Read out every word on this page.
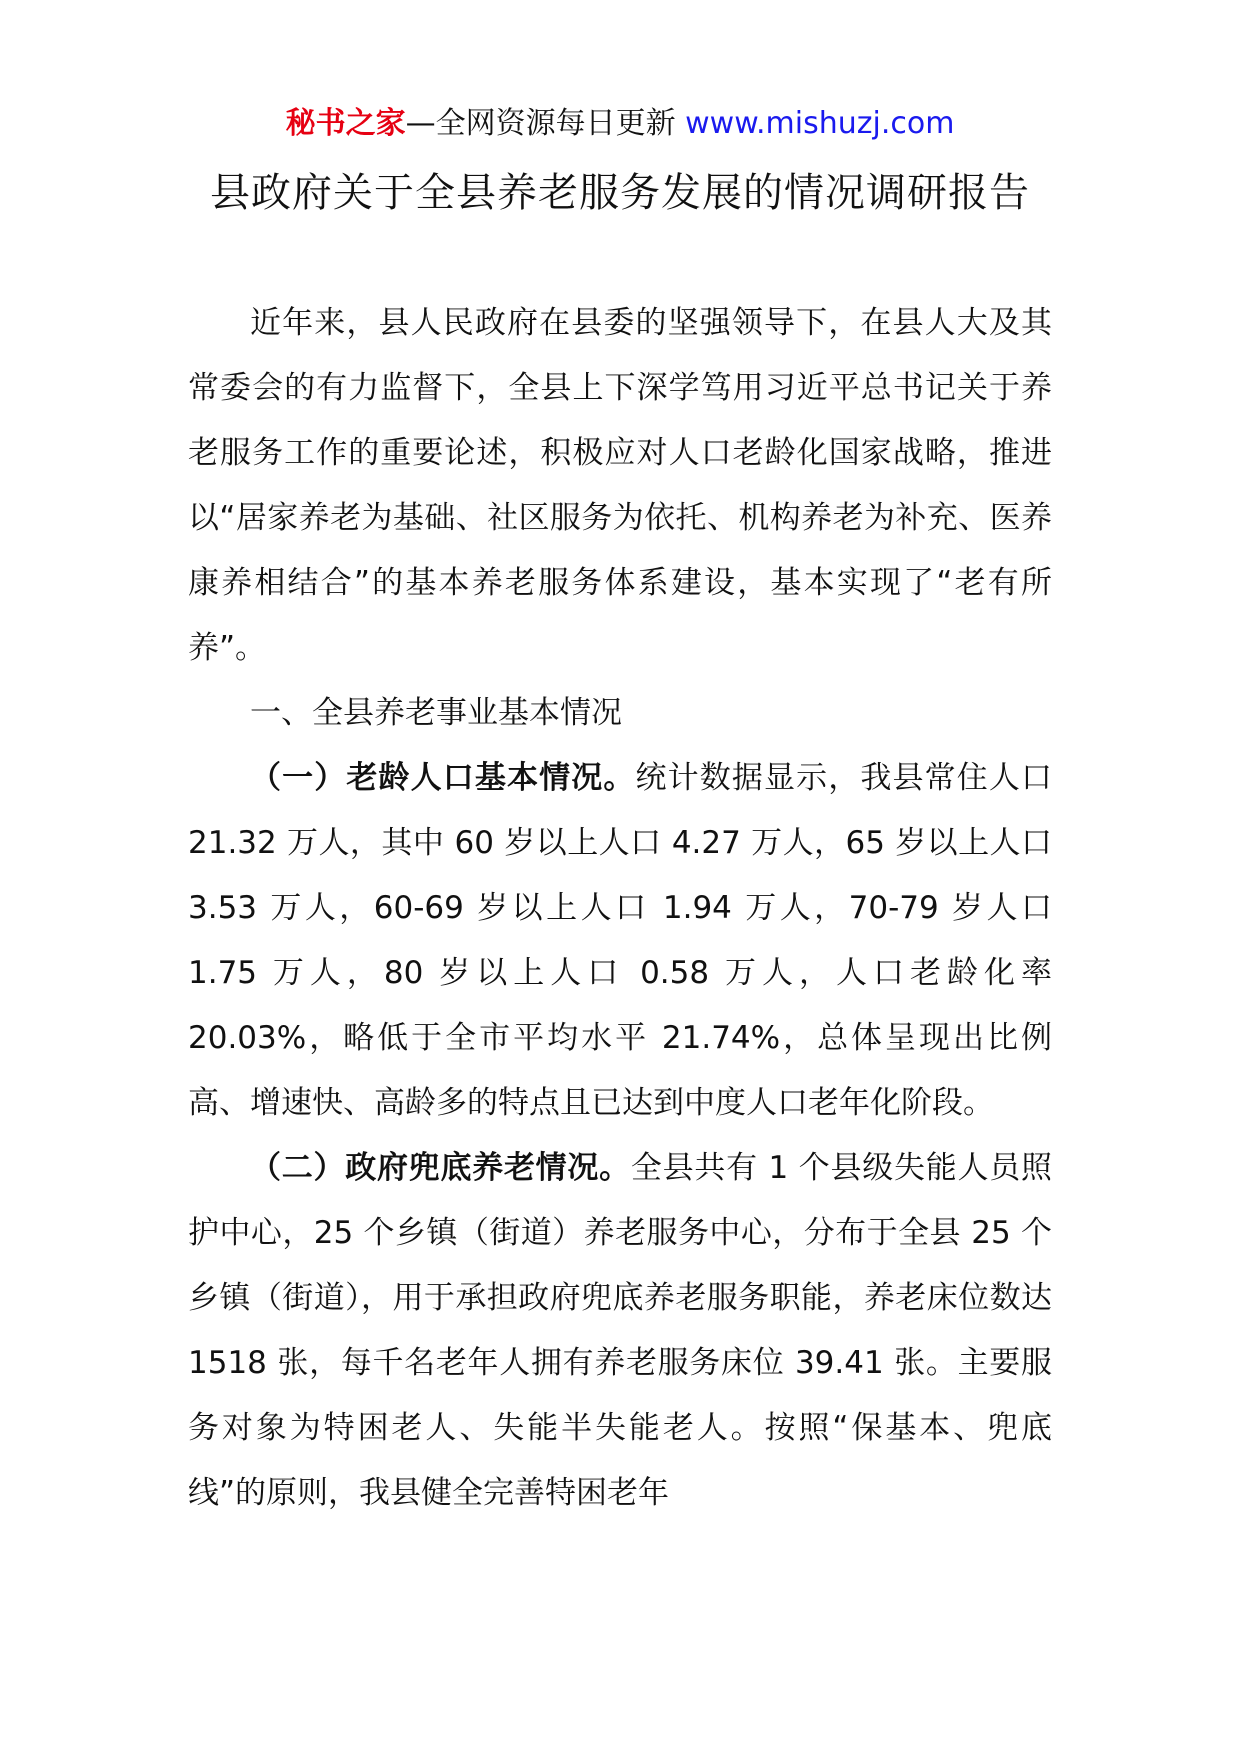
秘书之家—全网资源每日更新 www.mishuzj.com
县政府关于全县养老服务发展的情况调研报告

近年来，县人民政府在县委的坚强领导下，在县人大及其常委会的有力监督下，全县上下深学笃用习近平总书记关于养老服务工作的重要论述，积极应对人口老龄化国家战略，推进以“居家养老为基础、社区服务为依托、机构养老为补充、医养康养相结合”的基本养老服务体系建设，基本实现了“老有所养”。

一、全县养老事业基本情况

（一）老龄人口基本情况。统计数据显示，我县常住人口 21.32 万人，其中 60 岁以上人口 4.27 万人，65 岁以上人口 3.53 万人，60-69 岁以上人口 1.94 万人，70-79 岁人口 1.75 万人，80 岁以上人口 0.58 万人，人口老龄化率 20.03%，略低于全市平均水平 21.74%，总体呈现出比例高、增速快、高龄多的特点且已达到中度人口老年化阶段。

（二）政府兜底养老情况。全县共有 1 个县级失能人员照护中心，25 个乡镇（街道）养老服务中心，分布于全县 25 个乡镇（街道），用于承担政府兜底养老服务职能，养老床位数达 1518 张，每千名老年人拥有养老服务床位 39.41 张。主要服务对象为特困老人、失能半失能老人。按照“保基本、兜底线”的原则，我县健全完善特困老年
